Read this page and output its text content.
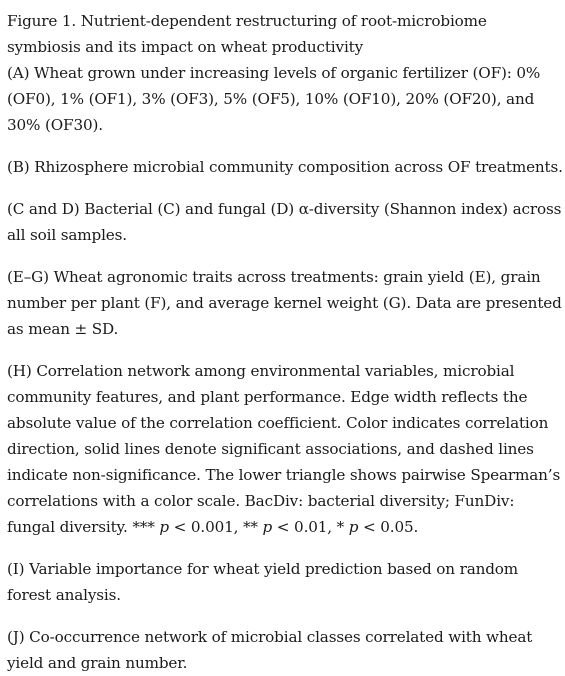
Figure 1. Nutrient-dependent restructuring of root-microbiome symbiosis and its impact on wheat productivity
(A) Wheat grown under increasing levels of organic fertilizer (OF): 0% (OF0), 1% (OF1), 3% (OF3), 5% (OF5), 10% (OF10), 20% (OF20), and 30% (OF30).

(B) Rhizosphere microbial community composition across OF treatments.

(C and D) Bacterial (C) and fungal (D) α-diversity (Shannon index) across all soil samples.

(E–G) Wheat agronomic traits across treatments: grain yield (E), grain number per plant (F), and average kernel weight (G). Data are presented as mean ± SD.

(H) Correlation network among environmental variables, microbial community features, and plant performance. Edge width reflects the absolute value of the correlation coefficient. Color indicates correlation direction, solid lines denote significant associations, and dashed lines indicate non-significance. The lower triangle shows pairwise Spearman’s correlations with a color scale. BacDiv: bacterial diversity; FunDiv: fungal diversity. *** p < 0.001, ** p < 0.01, * p < 0.05.

(I) Variable importance for wheat yield prediction based on random forest analysis.

(J) Co-occurrence network of microbial classes correlated with wheat yield and grain number.
